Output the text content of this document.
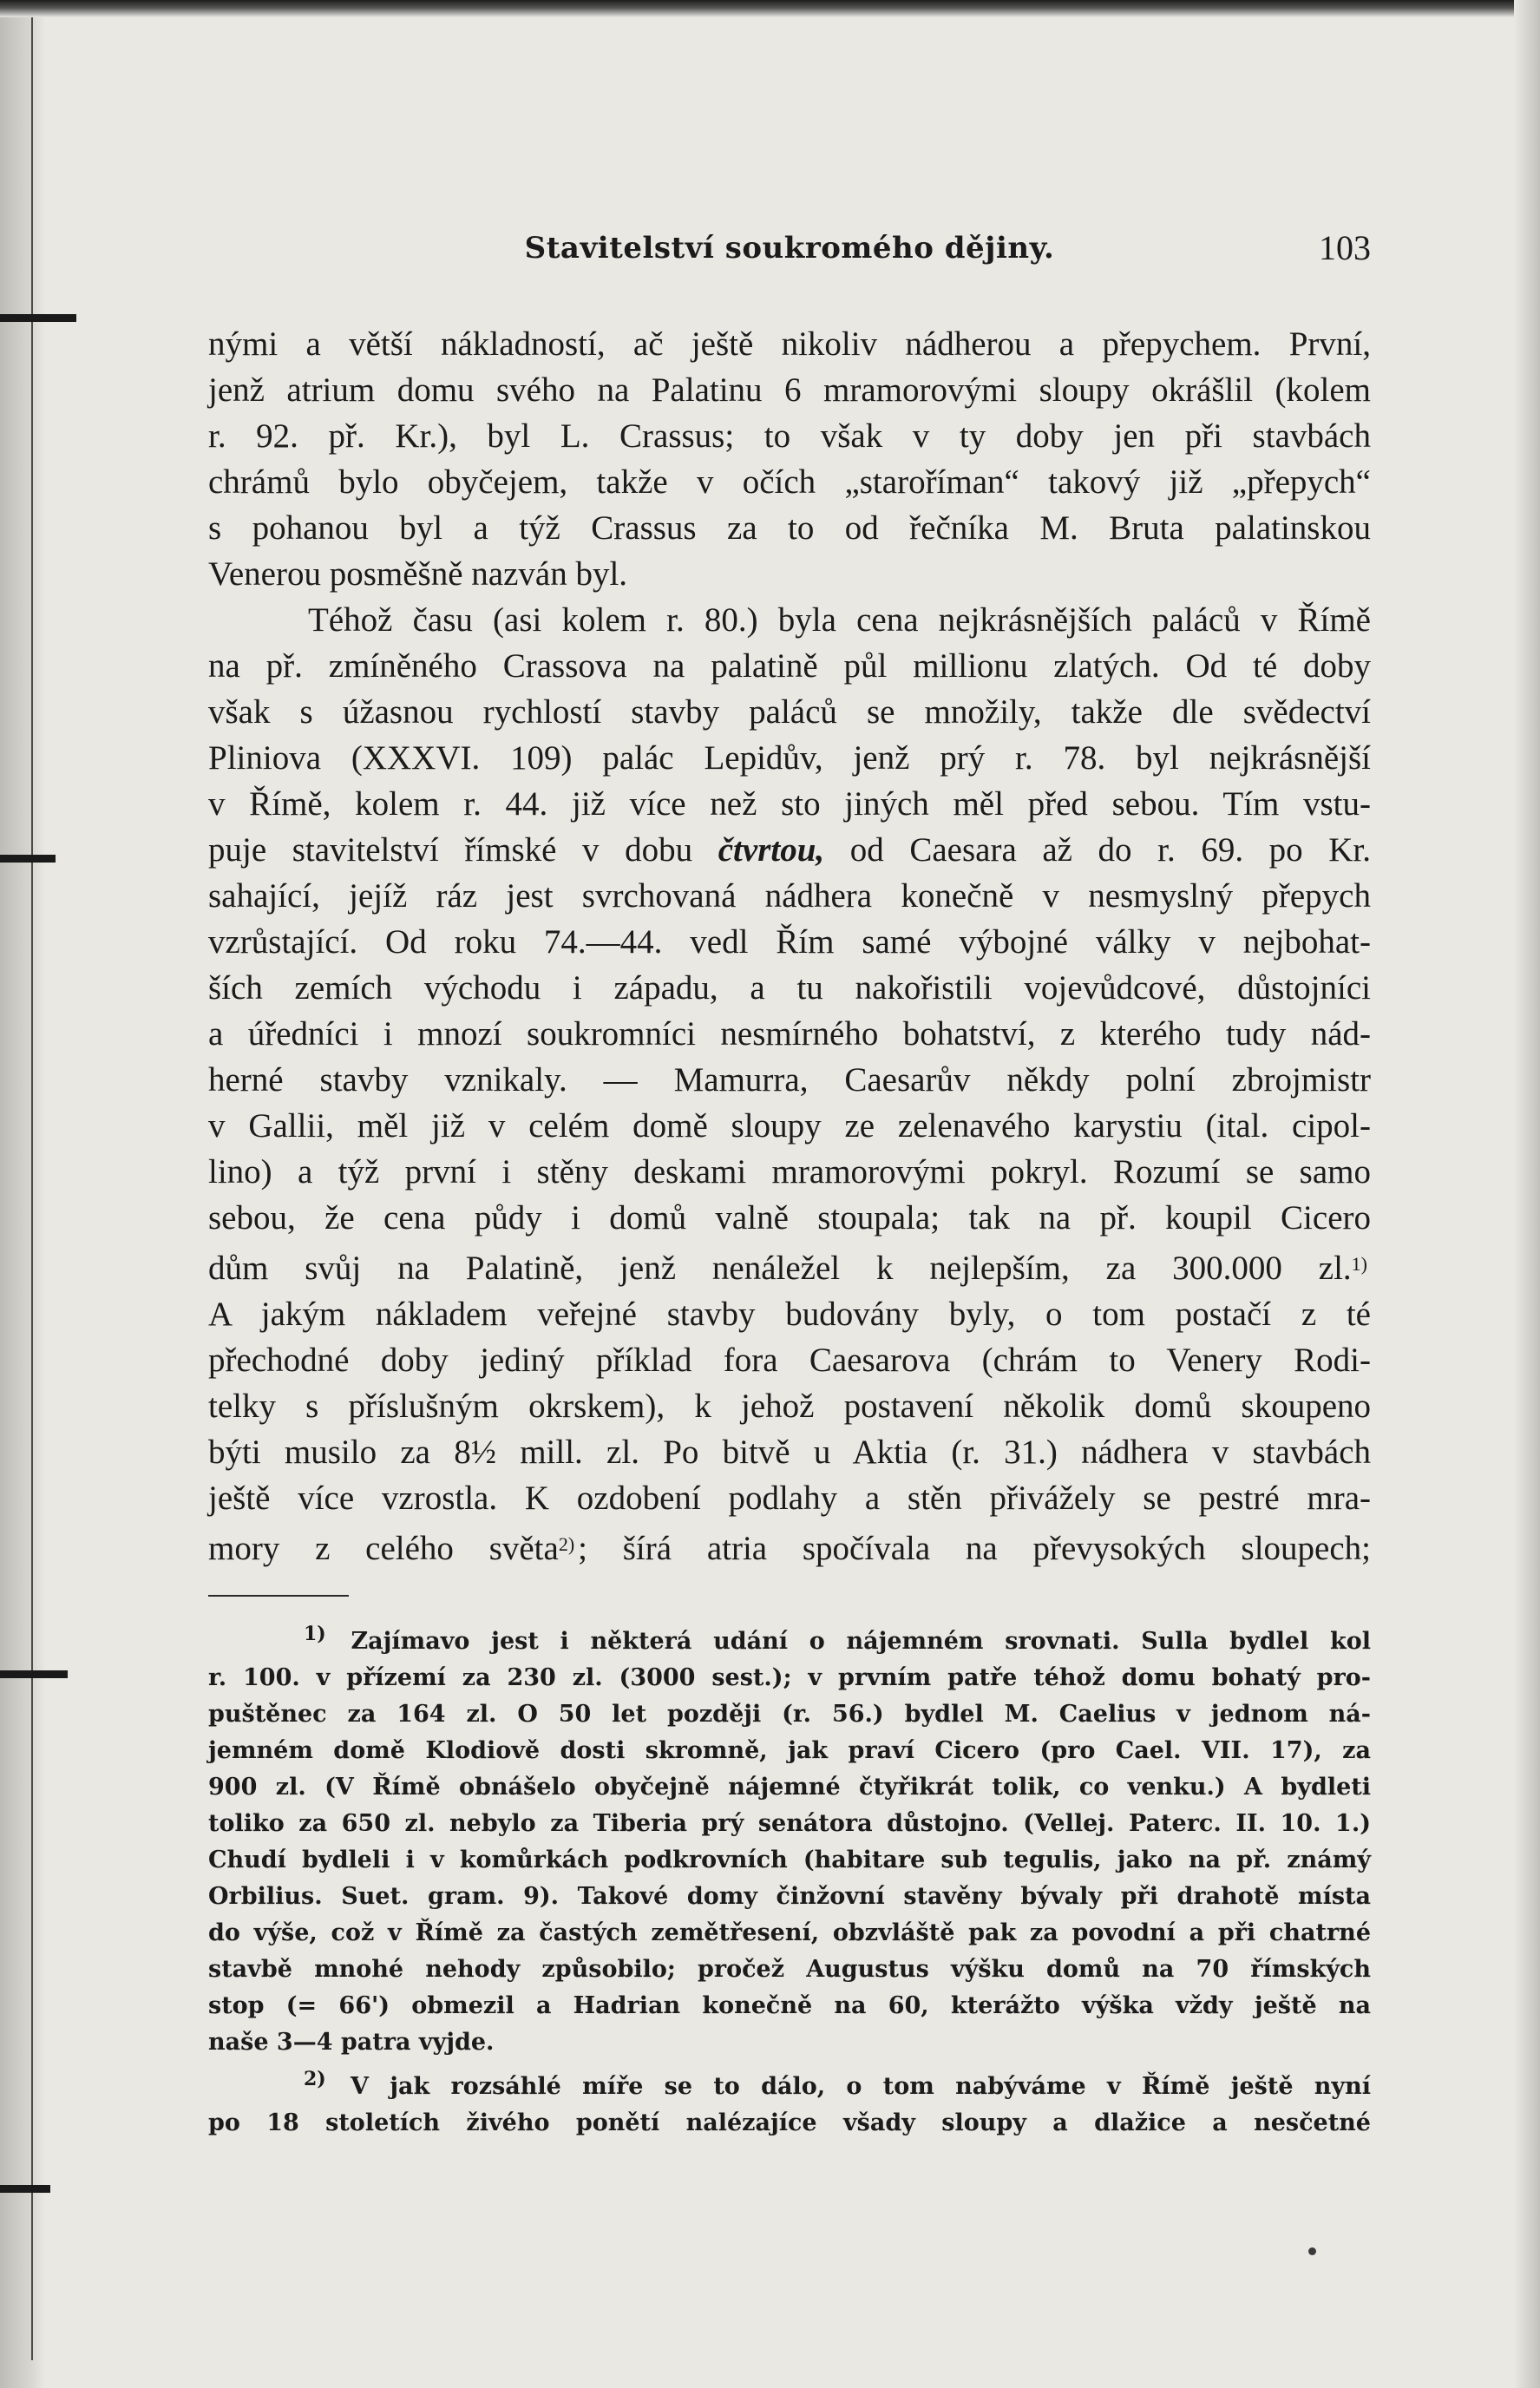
Stavitelství soukromého dějiny.	103

nými a větší nákladností, ač ještě nikoliv nádherou a přepychem. První,
jenž atrium domu svého na Palatinu 6 mramorovými sloupy okrášlil (kolem
r. 92. př. Kr.), byl L. Crassus; to však v ty doby jen při stavbách
chrámů bylo obyčejem, takže v očích „staroříman“ takový již „přepych“
s pohanou byl a týž Crassus za to od řečníka M. Bruta palatinskou
Venerou posměšně nazván byl.

Téhož času (asi kolem r. 80.) byla cena nejkrásnějších paláců v Římě
na př. zmíněného Crassova na palatině půl millionu zlatých. Od té doby
však s úžasnou rychlostí stavby paláců se množily, takže dle svědectví
Pliniova (XXXVI. 109) palác Lepidův, jenž prý r. 78. byl nejkrásnější
v Římě, kolem r. 44. již více než sto jiných měl před sebou. Tím vstu-
puje stavitelství římské v dobu čtvrtou, od Caesara až do r. 69. po Kr.
sahající, jejíž ráz jest svrchovaná nádhera konečně v nesmyslný přepych
vzrůstající. Od roku 74.—44. vedl Řím samé výbojné války v nejbohat-
ších zemích východu i západu, a tu nakořistili vojevůdcové, důstojníci
a úředníci i mnozí soukromníci nesmírného bohatství, z kterého tudy nád-
herné stavby vznikaly. — Mamurra, Caesarův někdy polní zbrojmistr
v Gallii, měl již v celém domě sloupy ze zelenavého karystiu (ital. cipol-
lino) a týž první i stěny deskami mramorovými pokryl. Rozumí se samo
sebou, že cena půdy i domů valně stoupala; tak na př. koupil Cicero
dům svůj na Palatině, jenž nenáležel k nejlepším, za 300.000 zl.$^{1)}$
A jakým nákladem veřejné stavby budovány byly, o tom postačí z té
přechodné doby jediný příklad fora Caesarova (chrám to Venery Rodi-
telky s příslušným okrskem), k jehož postavení několik domů skoupeno
býti musilo za 8½ mill. zl. Po bitvě u Aktia (r. 31.) nádhera v stavbách
ještě více vzrostla. K ozdobení podlahy a stěn přivážely se pestré mra-
mory z celého světa$^{2)}$ ; šírá atria spočívala na převysokých sloupech;

$^{1)}$ Zajímavo jest i některá udání o nájemném srovnati. Sulla bydlel kol
r. 100. v přízemí za 230 zl. (3000 sest.); v prvním patře téhož domu bohatý pro-
puštěnec za 164 zl. O 50 let později (r. 56.) bydlel M. Caelius v jednom ná-
jemném domě Klodiově dosti skromně, jak praví Cicero (pro Cael. VII. 17), za
900 zl. (V Římě obnášelo obyčejně nájemné čtyřikrát tolik, co venku.) A bydleti
toliko za 650 zl. nebylo za Tiberia prý senátora důstojno. (Vellej. Paterc. II. 10. 1.)
Chudí bydleli i v komůrkách podkrovních (habitare sub tegulis, jako na př. známý
Orbilius. Suet. gram. 9). Takové domy činžovní stavěny bývaly při drahotě místa
do výše, což v Římě za častých zemětřesení, obzvláště pak za povodní a při chatrné
stavbě mnohé nehody způsobilo; pročež Augustus výšku domů na 70 římských
stop (= 66') obmezil a Hadrian konečně na 60, kterážto výška vždy ještě na
naše 3—4 patra vyjde.
$^{2)}$ V jak rozsáhlé míře se to dálo, o tom nabýváme v Římě ještě nyní
po 18 stoletích živého ponětí nalézajíce všady sloupy a dlažice a nesčetné
